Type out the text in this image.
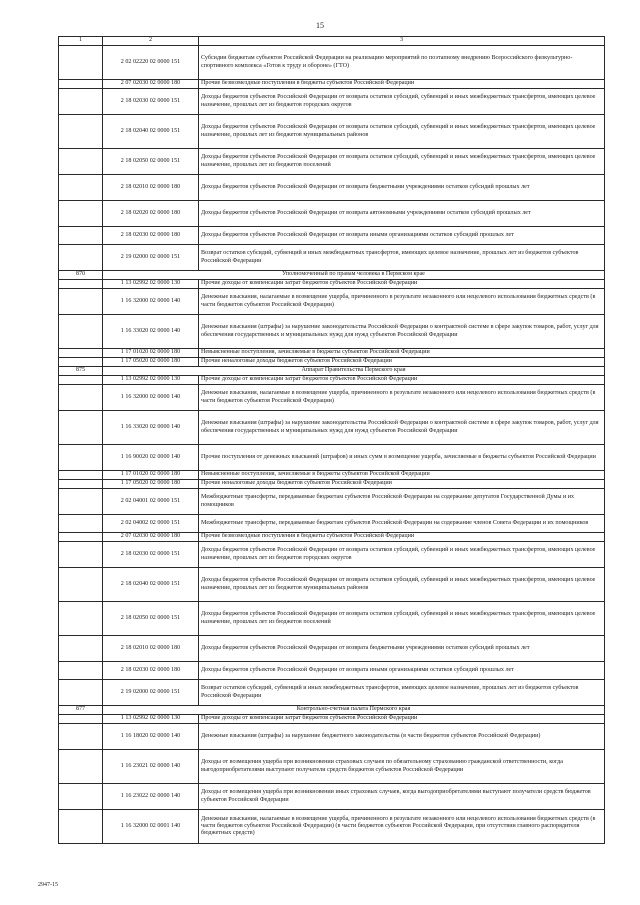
15
1	2	3
	2 02 02220 02 0000 151	Субсидии бюджетам субъектов Российской Федерации на реализацию мероприятий по поэтапному внедрению Всероссийского физкультурно-спортивного комплекса «Готов к труду и обороне» (ГТО)
	2 07 02030 02 0000 180	Прочие безвозмездные поступления в бюджеты субъектов Российской Федерации
	2 18 02030 02 0000 151	Доходы бюджетов субъектов Российской Федерации от возврата остатков субсидий, субвенций и иных межбюджетных трансфертов, имеющих целевое назначение, прошлых лет из бюджетов городских округов
	2 18 02040 02 0000 151	Доходы бюджетов субъектов Российской Федерации от возврата остатков субсидий, субвенций и иных межбюджетных трансфертов, имеющих целевое назначение, прошлых лет из бюджетов муниципальных районов
	2 18 02050 02 0000 151	Доходы бюджетов субъектов Российской Федерации от возврата остатков субсидий, субвенций и иных межбюджетных трансфертов, имеющих целевое назначение, прошлых лет из бюджетов поселений
	2 18 02010 02 0000 180	Доходы бюджетов субъектов Российской Федерации от возврата бюджетными учреждениями остатков субсидий прошлых лет
	2 18 02020 02 0000 180	Доходы бюджетов субъектов Российской Федерации от возврата автономными учреждениями остатков субсидий прошлых лет
	2 18 02030 02 0000 180	Доходы бюджетов субъектов Российской Федерации от возврата иными организациями остатков субсидий прошлых лет
	2 19 02000 02 0000 151	Возврат остатков субсидий, субвенций и иных межбюджетных трансфертов, имеющих целевое назначение, прошлых лет из бюджетов субъектов Российской Федерации
870	Уполномоченный по правам человека в Пермском крае	
	1 13 02992 02 0000 130	Прочие доходы от компенсации затрат бюджетов субъектов Российской Федерации
	1 16 32000 02 0000 140	Денежные взыскания, налагаемые в возмещение ущерба, причиненного в результате незаконного или нецелевого использования бюджетных средств (в части бюджетов субъектов Российской Федерации)
	1 16 33020 02 0000 140	Денежные взыскания (штрафы) за нарушение законодательства Российской Федерации о контрактной системе в сфере закупок товаров, работ, услуг для обеспечения государственных и муниципальных нужд для нужд субъектов Российской Федерации
	1 17 01020 02 0000 180	Невыясненные поступления, зачисляемые в бюджеты субъектов Российской Федерации
	1 17 05020 02 0000 180	Прочие неналоговые доходы бюджетов субъектов Российской Федерации
875	Аппарат Правительства Пермского края	
	1 13 02992 02 0000 130	Прочие доходы от компенсации затрат бюджетов субъектов Российской Федерации
	1 16 32000 02 0000 140	Денежные взыскания, налагаемые в возмещение ущерба, причиненного в результате незаконного или нецелевого использования бюджетных средств (в части бюджетов субъектов Российской Федерации)
	1 16 33020 02 0000 140	Денежные взыскания (штрафы) за нарушение законодательства Российской Федерации о контрактной системе в сфере закупок товаров, работ, услуг для обеспечения государственных и муниципальных нужд для нужд субъектов Российской Федерации
	1 16 90020 02 0000 140	Прочие поступления от денежных взысканий (штрафов) и иных сумм в возмещение ущерба, зачисляемые в бюджеты субъектов Российской Федерации
	1 17 01020 02 0000 180	Невыясненные поступления, зачисляемые в бюджеты субъектов Российской Федерации
	1 17 05020 02 0000 180	Прочие неналоговые доходы бюджетов субъектов Российской Федерации
	2 02 04001 02 0000 151	Межбюджетные трансферты, передаваемые бюджетам субъектов Российской Федерации на содержание депутатов Государственной Думы и их помощников
	2 02 04002 02 0000 151	Межбюджетные трансферты, передаваемые бюджетам субъектов Российской Федерации на содержание членов Совета Федерации и их помощников
	2 07 02030 02 0000 180	Прочие безвозмездные поступления в бюджеты субъектов Российской Федерации
	2 18 02030 02 0000 151	Доходы бюджетов субъектов Российской Федерации от возврата остатков субсидий, субвенций и иных межбюджетных трансфертов, имеющих целевое назначение, прошлых лет из бюджетов городских округов
	2 18 02040 02 0000 151	Доходы бюджетов субъектов Российской Федерации от возврата остатков субсидий, субвенций и иных межбюджетных трансфертов, имеющих целевое назначение, прошлых лет из бюджетов муниципальных районов
	2 18 02050 02 0000 151	Доходы бюджетов субъектов Российской Федерации от возврата остатков субсидий, субвенций и иных межбюджетных трансфертов, имеющих целевое назначение, прошлых лет из бюджетов поселений
	2 18 02010 02 0000 180	Доходы бюджетов субъектов Российской Федерации от возврата бюджетными учреждениями остатков субсидий прошлых лет
	2 18 02030 02 0000 180	Доходы бюджетов субъектов Российской Федерации от возврата иными организациями остатков субсидий прошлых лет
	2 19 02000 02 0000 151	Возврат остатков субсидий, субвенций и иных межбюджетных трансфертов, имеющих целевое назначение, прошлых лет из бюджетов субъектов Российской Федерации
877	Контрольно-счетная палата Пермского края	
	1 13 02992 02 0000 130	Прочие доходы от компенсации затрат бюджетов субъектов Российской Федерации
	1 16 18020 02 0000 140	Денежные взыскания (штрафы) за нарушение бюджетного законодательства (в части бюджетов субъектов Российской Федерации)
	1 16 23021 02 0000 140	Доходы от возмещения ущерба при возникновении страховых случаев по обязательному страхованию гражданской ответственности, когда выгодоприобретателями выступают получатели средств бюджетов субъектов Российской Федерации
	1 16 23022 02 0000 140	Доходы от возмещения ущерба при возникновении иных страховых случаев, когда выгодоприобретателями выступают получатели средств бюджетов субъектов Российской Федерации
	1 16 32000 02 0001 140	Денежные взыскания, налагаемые в возмещение ущерба, причиненного в результате незаконного или нецелевого использования бюджетных средств (в части бюджетов субъектов Российской Федерации) (в части бюджетов субъектов Российской Федерации, при отсутствии главного распорядителя бюджетных средств)
2947-15
